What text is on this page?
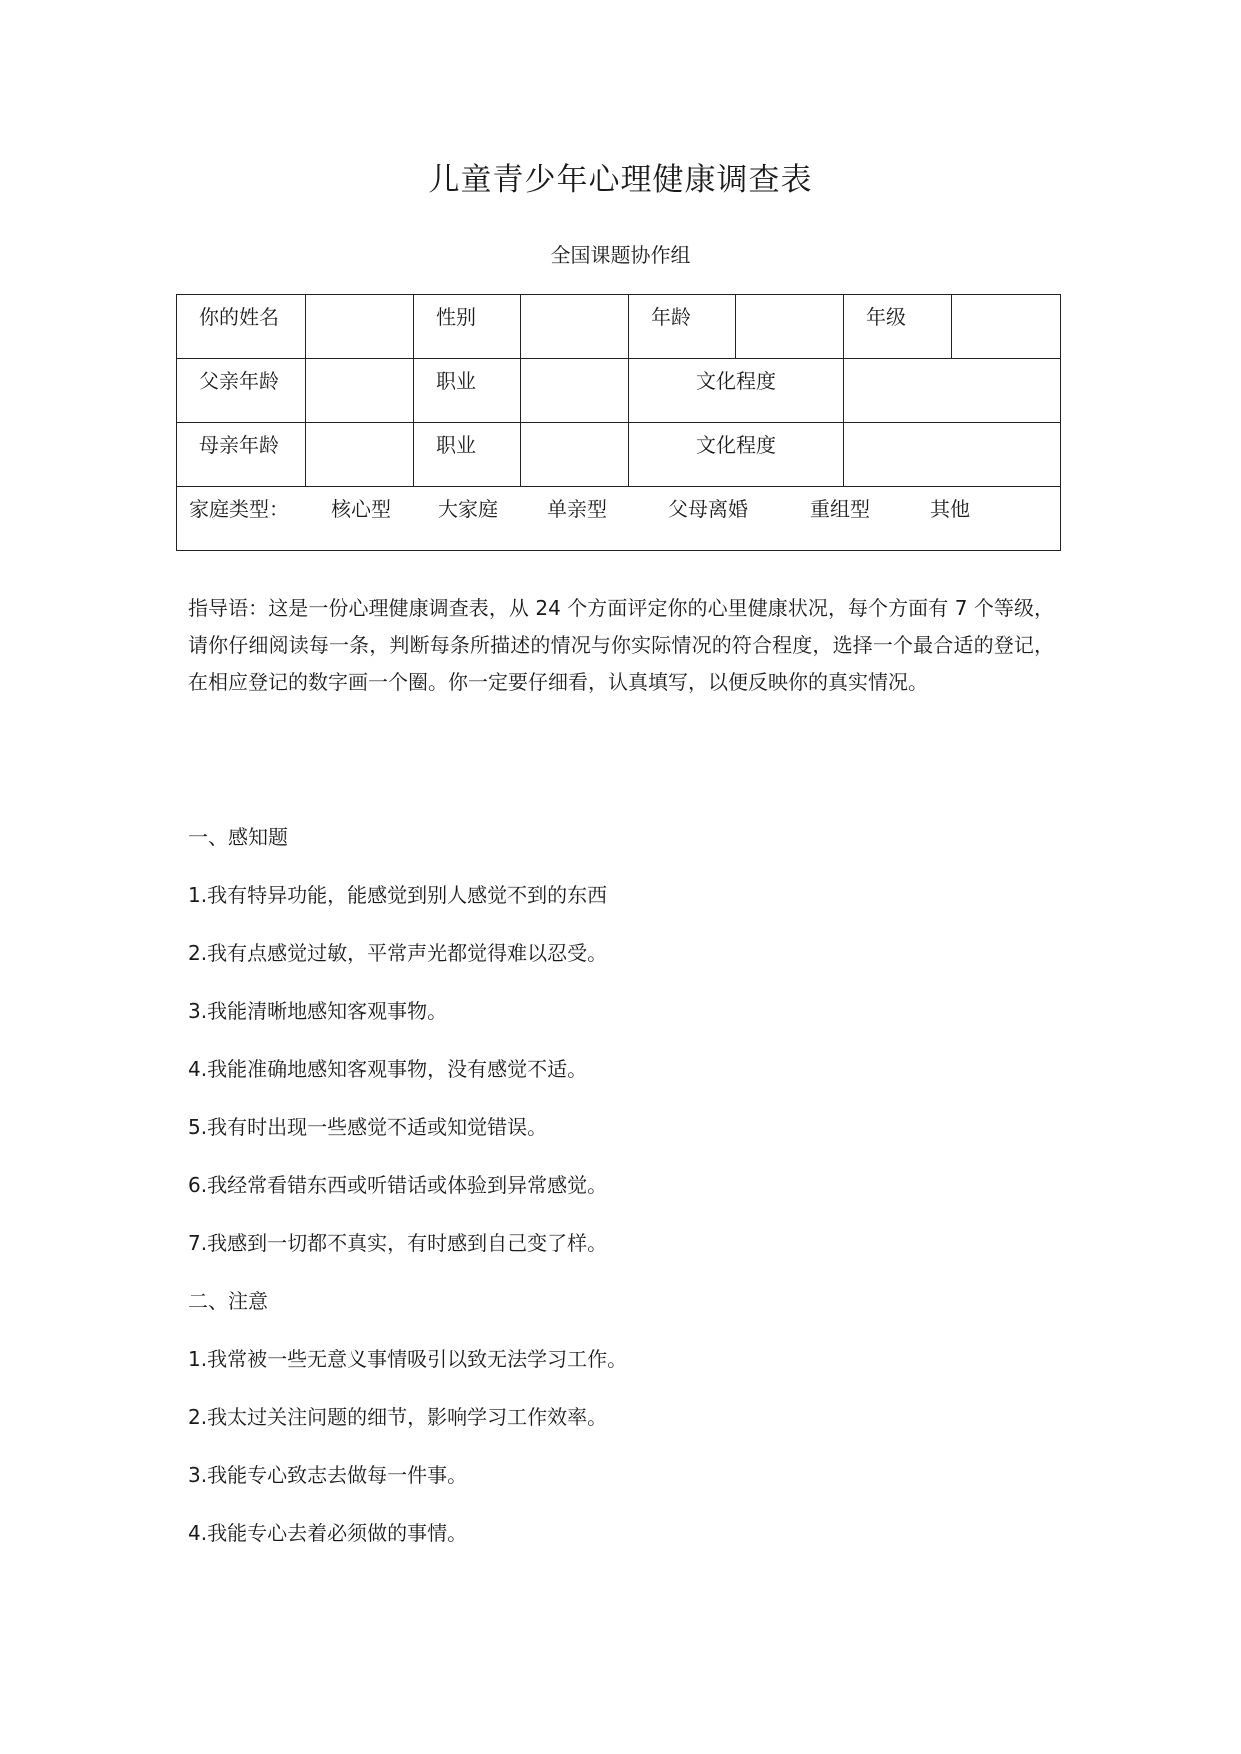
儿童青少年心理健康调查表
全国课题协作组
你的姓名		性别		年龄		年级	
父亲年龄		职业		文化程度			
母亲年龄		职业		文化程度			
家庭类型： 核心型 大家庭 单亲型 父母离婚 重组型 其他							
指导语：这是一份心理健康调查表，从 24 个方面评定你的心里健康状况，每个方面有 7 个等级，请你仔细阅读每一条，判断每条所描述的情况与你实际情况的符合程度，选择一个最合适的登记，在相应登记的数字画一个圈。你一定要仔细看，认真填写，以便反映你的真实情况。
一、感知题
1.我有特异功能，能感觉到别人感觉不到的东西
2.我有点感觉过敏，平常声光都觉得难以忍受。
3.我能清晰地感知客观事物。
4.我能准确地感知客观事物，没有感觉不适。
5.我有时出现一些感觉不适或知觉错误。
6.我经常看错东西或听错话或体验到异常感觉。
7.我感到一切都不真实，有时感到自己变了样。
二、注意
1.我常被一些无意义事情吸引以致无法学习工作。
2.我太过关注问题的细节，影响学习工作效率。
3.我能专心致志去做每一件事。
4.我能专心去着必须做的事情。
